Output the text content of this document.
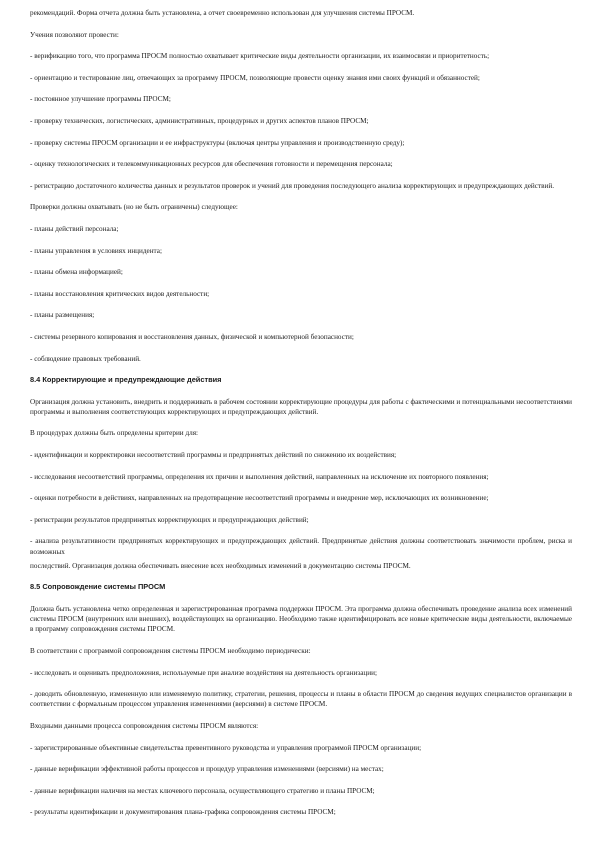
рекомендаций. Форма отчета должна быть установлена, а отчет своевременно использован для улучшения системы ПРОСМ.

Учения позволяют провести:

- верификацию того, что программа ПРОСМ полностью охватывает критические виды деятельности организации, их взаимосвязи и приоритетность;

- ориентацию и тестирование лиц, отвечающих за программу ПРОСМ, позволяющие провести оценку знания ими своих функций и обязанностей;

- постоянное улучшение программы ПРОСМ;

- проверку технических, логистических, административных, процедурных и других аспектов планов ПРОСМ;

- проверку системы ПРОСМ организации и ее инфраструктуры (включая центры управления и производственную среду);

- оценку технологических и телекоммуникационных ресурсов для обеспечения готовности и перемещения персонала;

- регистрацию достаточного количества данных и результатов проверок и учений для проведения последующего анализа корректирующих и предупреждающих действий.

Проверки должны охватывать (но не быть ограничены) следующее:

- планы действий персонала;

- планы управления в условиях инцидента;

- планы обмена информацией;

- планы восстановления критических видов деятельности;

- планы размещения;

- системы резервного копирования и восстановления данных, физической и компьютерной безопасности;

- соблюдение правовых требований.

8.4 Корректирующие и предупреждающие действия

Организация должна установить, внедрить и поддерживать в рабочем состоянии корректирующие процедуры для работы с фактическими и потенциальными несоответствиями программы и выполнения соответствующих корректирующих и предупреждающих действий.

В процедурах должны быть определены критерии для:

- идентификации и корректировки несоответствий программы и предпринятых действий по снижению их воздействия;

- исследования несоответствий программы, определения их причин и выполнения действий, направленных на исключение их повторного появления;

- оценки потребности в действиях, направленных на предотвращение несоответствий программы и внедрение мер, исключающих их возникновение;

- регистрации результатов предпринятых корректирующих и предупреждающих действий;

- анализа результативности предпринятых корректирующих и предупреждающих действий. Предпринятые действия должны соответствовать значимости проблем, риска и возможных

последствий. Организация должна обеспечивать внесение всех необходимых изменений в документацию системы ПРОСМ.

8.5 Сопровождение системы ПРОСМ

Должна быть установлена четко определенная и зарегистрированная программа поддержки ПРОСМ. Эта программа должна обеспечивать проведение анализа всех изменений системы ПРОСМ (внутренних или внешних), воздействующих на организацию. Необходимо также идентифицировать все новые критические виды деятельности, включаемые в программу сопровождения системы ПРОСМ.

В соответствии с программой сопровождения системы ПРОСМ необходимо периодически:

- исследовать и оценивать предположения, используемые при анализе воздействия на деятельность организации;

- доводить обновленную, измененную или изменяемую политику, стратегии, решения, процессы и планы в области ПРОСМ до сведения ведущих специалистов организации в соответствии с формальным процессом управления изменениями (версиями) в системе ПРОСМ.

Входными данными процесса сопровождения системы ПРОСМ являются:

- зарегистрированные объективные свидетельства превентивного руководства и управления программой ПРОСМ организации;

- данные верификации эффективной работы процессов и процедур управления изменениями (версиями) на местах;

- данные верификации наличия на местах ключевого персонала, осуществляющего стратегию и планы ПРОСМ;

- результаты идентификации и документирования плана-графика сопровождения системы ПРОСМ;
